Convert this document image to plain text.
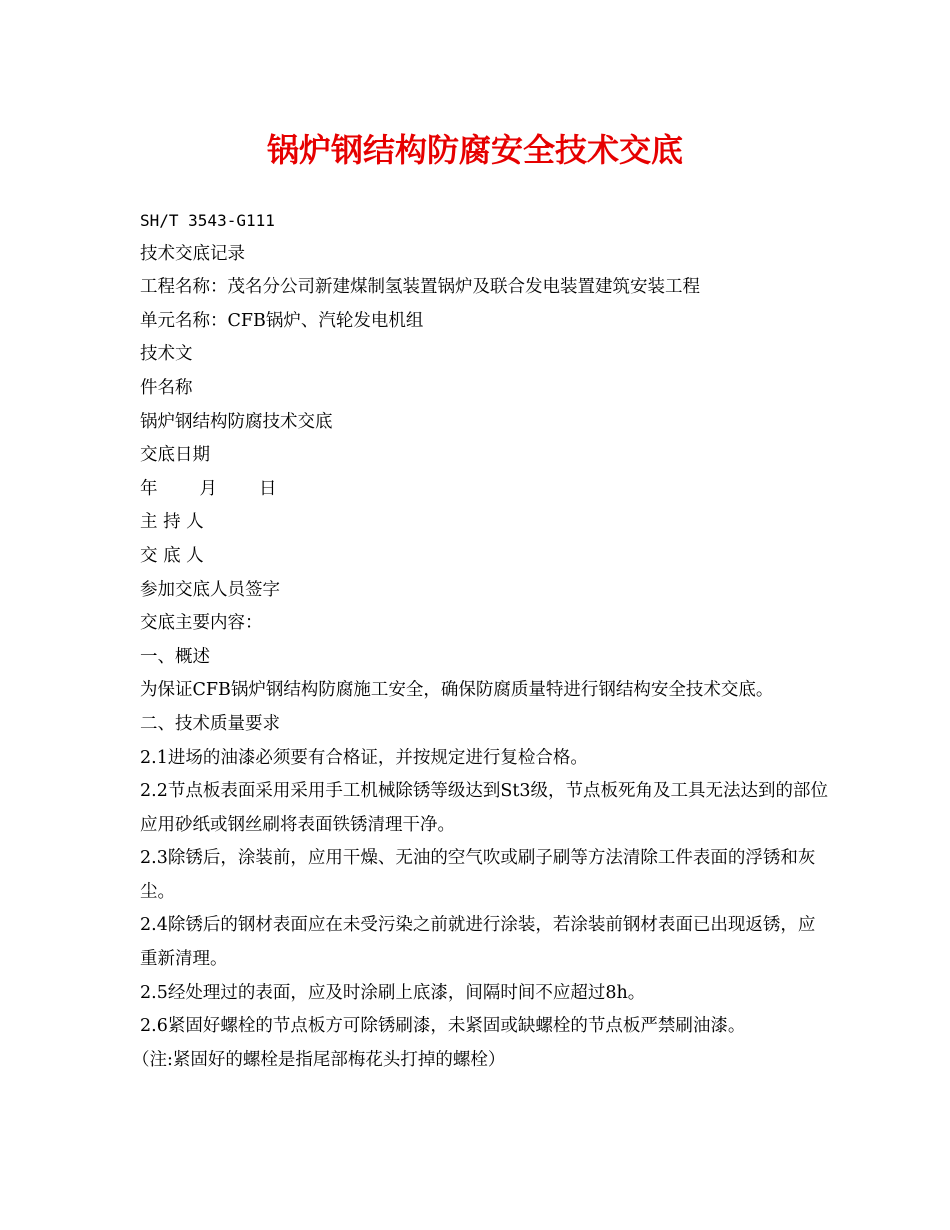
锅炉钢结构防腐安全技术交底

SH/T 3543-G111

技术交底记录

工程名称：茂名分公司新建煤制氢装置锅炉及联合发电装置建筑安装工程

单元名称：CFB锅炉、汽轮发电机组

技术文

件名称

锅炉钢结构防腐技术交底

交底日期

年 月 日

主 持 人

交 底 人

参加交底人员签字

交底主要内容：

一、概述

为保证CFB锅炉钢结构防腐施工安全，确保防腐质量特进行钢结构安全技术交底。

二、技术质量要求

2.1进场的油漆必须要有合格证，并按规定进行复检合格。

2.2节点板表面采用采用手工机械除锈等级达到St3级，节点板死角及工具无法达到的部位应用砂纸或钢丝刷将表面铁锈清理干净。

2.3除锈后，涂装前，应用干燥、无油的空气吹或刷子刷等方法清除工件表面的浮锈和灰尘。

2.4除锈后的钢材表面应在未受污染之前就进行涂装，若涂装前钢材表面已出现返锈，应重新清理。

2.5经处理过的表面，应及时涂刷上底漆，间隔时间不应超过8h。

2.6紧固好螺栓的节点板方可除锈刷漆，未紧固或缺螺栓的节点板严禁刷油漆。

（注:紧固好的螺栓是指尾部梅花头打掉的螺栓）
